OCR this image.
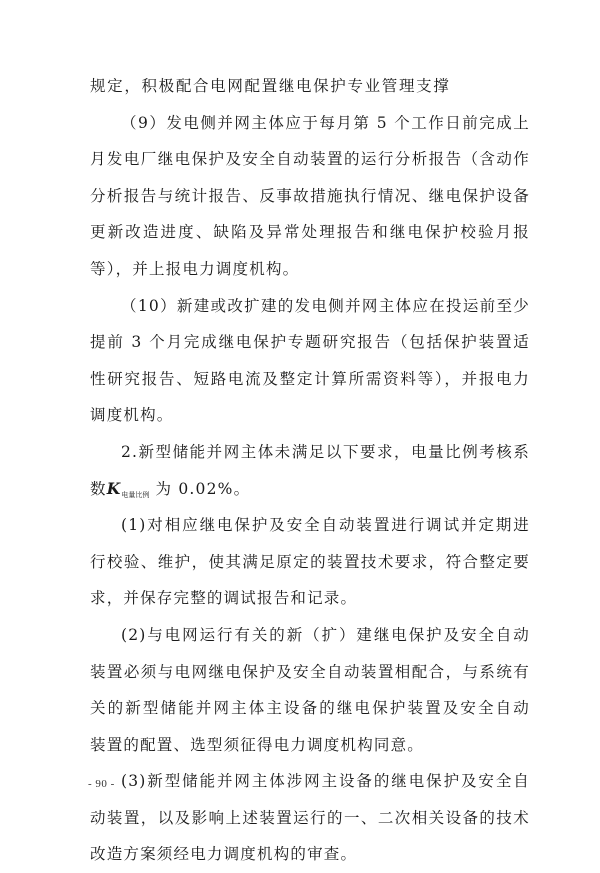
规定，积极配合电网配置继电保护专业管理支撑
（9）发电侧并网主体应于每月第 5 个工作日前完成上
月发电厂继电保护及安全自动装置的运行分析报告（含动作
分析报告与统计报告、反事故措施执行情况、继电保护设备
更新改造进度、缺陷及异常处理报告和继电保护校验月报
等），并上报电力调度机构。
（10）新建或改扩建的发电侧并网主体应在投运前至少
提前 3 个月完成继电保护专题研究报告（包括保护装置适
性研究报告、短路电流及整定计算所需资料等），并报电力
调度机构。
2.新型储能并网主体未满足以下要求，电量比例考核系
数K电量比例 为 0.02%。
(1)对相应继电保护及安全自动装置进行调试并定期进
行校验、维护，使其满足原定的装置技术要求，符合整定要
求，并保存完整的调试报告和记录。
(2)与电网运行有关的新（扩）建继电保护及安全自动
装置必须与电网继电保护及安全自动装置相配合，与系统有
关的新型储能并网主体主设备的继电保护装置及安全自动
装置的配置、选型须征得电力调度机构同意。
(3)新型储能并网主体涉网主设备的继电保护及安全自
动装置，以及影响上述装置运行的一、二次相关设备的技术
改造方案须经电力调度机构的审查。
- 90 -
